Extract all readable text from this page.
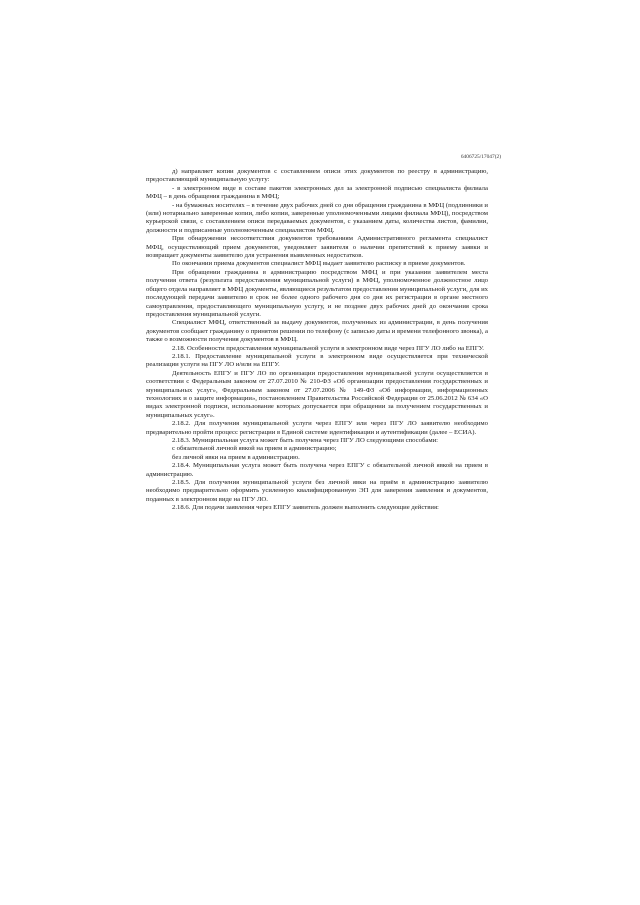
6406725/17047(2)

д) направляет копии документов с составлением описи этих документов по реестру в администрацию, предоставляющий муниципальную услугу:

- в электронном виде в составе пакетов электронных дел за электронной подписью специалиста филиала МФЦ – в день обращения гражданина в МФЦ;

- на бумажных носителях – в течение двух рабочих дней со дня обращения гражданина в МФЦ (подлинники и (или) нотариально заверенные копии, либо копии, заверенные уполномоченными лицами филиала МФЦ), посредством курьерской связи, с составлением описи передаваемых документов, с указанием даты, количества листов, фамилии, должности и подписанные уполномоченным специалистом МФЦ.

При обнаружении несоответствия документов требованиям Административного регламента специалист МФЦ, осуществляющий прием документов, уведомляет заявителя о наличии препятствий к приему заявки и возвращает документы заявителю для устранения выявленных недостатков.

По окончании приема документов специалист МФЦ выдает заявителю расписку в приеме документов.

При обращении гражданина в администрацию посредством МФЦ и при указании заявителем места получения ответа (результата предоставления муниципальной услуги) в МФЦ, уполномоченное должностное лицо общего отдела направляет в МФЦ документы, являющиеся результатом предоставления муниципальной услуги, для их последующей передачи заявителю в срок не более одного рабочего дня со дня их регистрации в органе местного самоуправления, предоставляющего муниципальную услугу, и не позднее двух рабочих дней до окончания срока предоставления муниципальной услуги.

Специалист МФЦ, ответственный за выдачу документов, полученных из администрации, в день получения документов сообщает гражданину о принятом решении по телефону (с записью даты и времени телефонного звонка), а также о возможности получения документов в МФЦ.

2.18. Особенности предоставления муниципальной услуги в электронном виде через ПГУ ЛО либо на ЕПГУ.

2.18.1. Предоставление муниципальной услуги в электронном виде осуществляется при технической реализации услуги на ПГУ ЛО и/или на ЕПГУ.

Деятельность ЕПГУ и ПГУ ЛО по организации предоставления муниципальной услуги осуществляется в соответствии с Федеральным законом от 27.07.2010 № 210-ФЗ «Об организации предоставления государственных и муниципальных услуг», Федеральным законом от 27.07.2006 № 149-ФЗ «Об информации, информационных технологиях и о защите информации», постановлением Правительства Российской Федерации от 25.06.2012 № 634 «О видах электронной подписи, использование которых допускается при обращении за получением государственных и муниципальных услуг».

2.18.2. Для получения муниципальной услуги через ЕПГУ или через ПГУ ЛО заявителю необходимо предварительно пройти процесс регистрации в Единой системе идентификации и аутентификации (далее – ЕСИА).

2.18.3. Муниципальная услуга может быть получена через ПГУ ЛО следующими способами:

с обязательной личной явкой на прием в администрацию;

без личной явки на прием в администрацию.

2.18.4. Муниципальная услуга может быть получена через ЕПГУ с обязательной личной явкой на прием в администрацию.

2.18.5. Для получения муниципальной услуги без личной явки на приём в администрацию заявителю необходимо предварительно оформить усиленную квалифицированную ЭП для заверения заявления и документов, поданных в электронном виде на ПГУ ЛО.

2.18.6. Для подачи заявления через ЕПГУ заявитель должен выполнить следующие действия:
